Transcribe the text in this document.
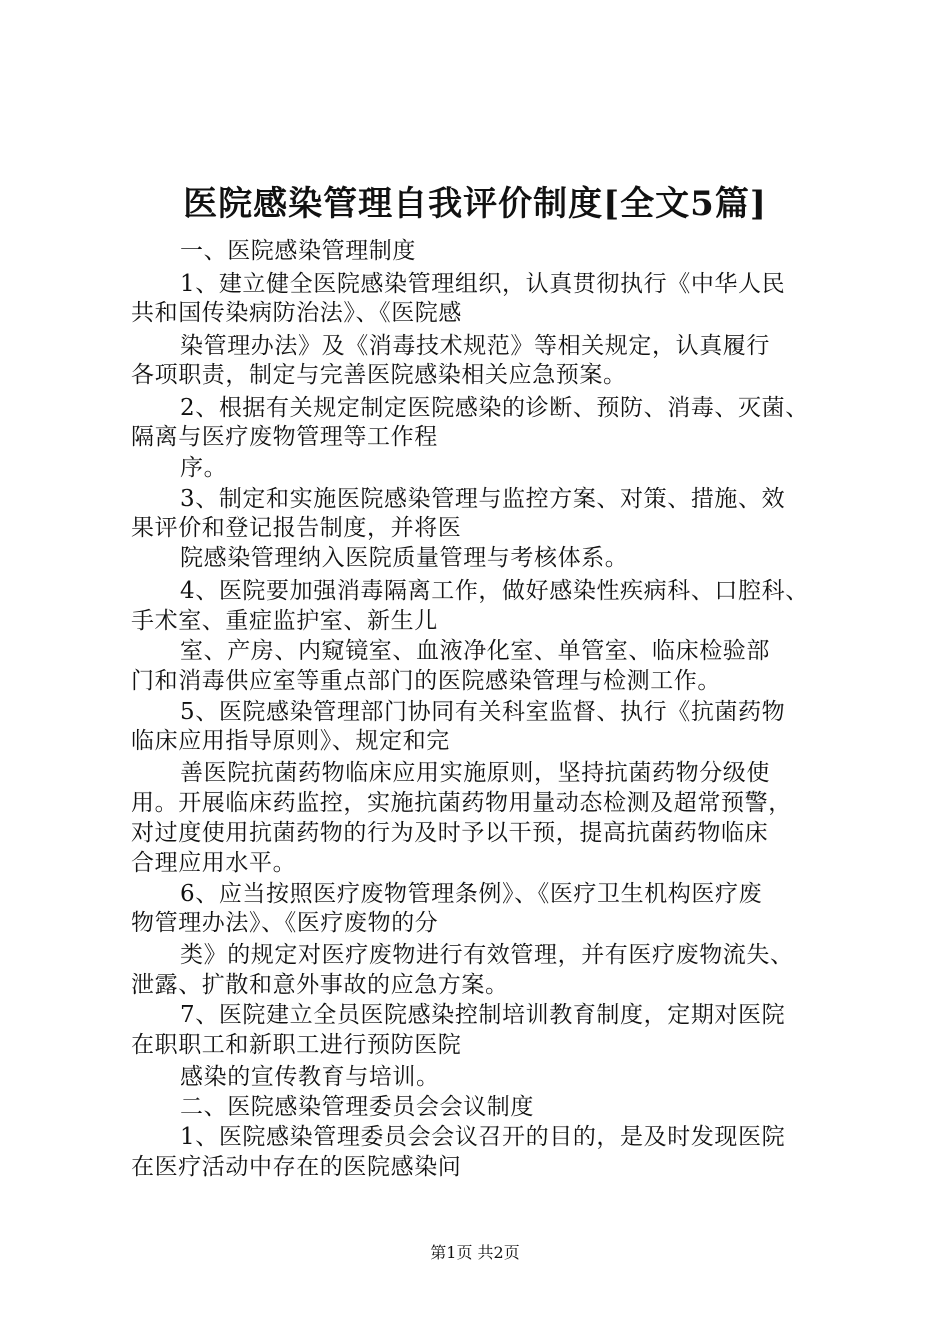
医院感染管理自我评价制度[全文5篇]
一、医院感染管理制度
1、建立健全医院感染管理组织，认真贯彻执行《中华人民
共和国传染病防治法》、《医院感
染管理办法》及《消毒技术规范》等相关规定，认真履行
各项职责，制定与完善医院感染相关应急预案。
2、根据有关规定制定医院感染的诊断、预防、消毒、灭菌、
隔离与医疗废物管理等工作程
序。
3、制定和实施医院感染管理与监控方案、对策、措施、效
果评价和登记报告制度，并将医
院感染管理纳入医院质量管理与考核体系。
4、医院要加强消毒隔离工作，做好感染性疾病科、口腔科、
手术室、重症监护室、新生儿
室、产房、内窥镜室、血液净化室、单管室、临床检验部
门和消毒供应室等重点部门的医院感染管理与检测工作。
5、医院感染管理部门协同有关科室监督、执行《抗菌药物
临床应用指导原则》、规定和完
善医院抗菌药物临床应用实施原则，坚持抗菌药物分级使
用。开展临床药监控，实施抗菌药物用量动态检测及超常预警，
对过度使用抗菌药物的行为及时予以干预，提高抗菌药物临床
合理应用水平。
6、应当按照医疗废物管理条例》、《医疗卫生机构医疗废
物管理办法》、《医疗废物的分
类》的规定对医疗废物进行有效管理，并有医疗废物流失、
泄露、扩散和意外事故的应急方案。
7、医院建立全员医院感染控制培训教育制度，定期对医院
在职职工和新职工进行预防医院
感染的宣传教育与培训。
二、医院感染管理委员会会议制度
1、医院感染管理委员会会议召开的目的，是及时发现医院
在医疗活动中存在的医院感染问
第1页 共2页
